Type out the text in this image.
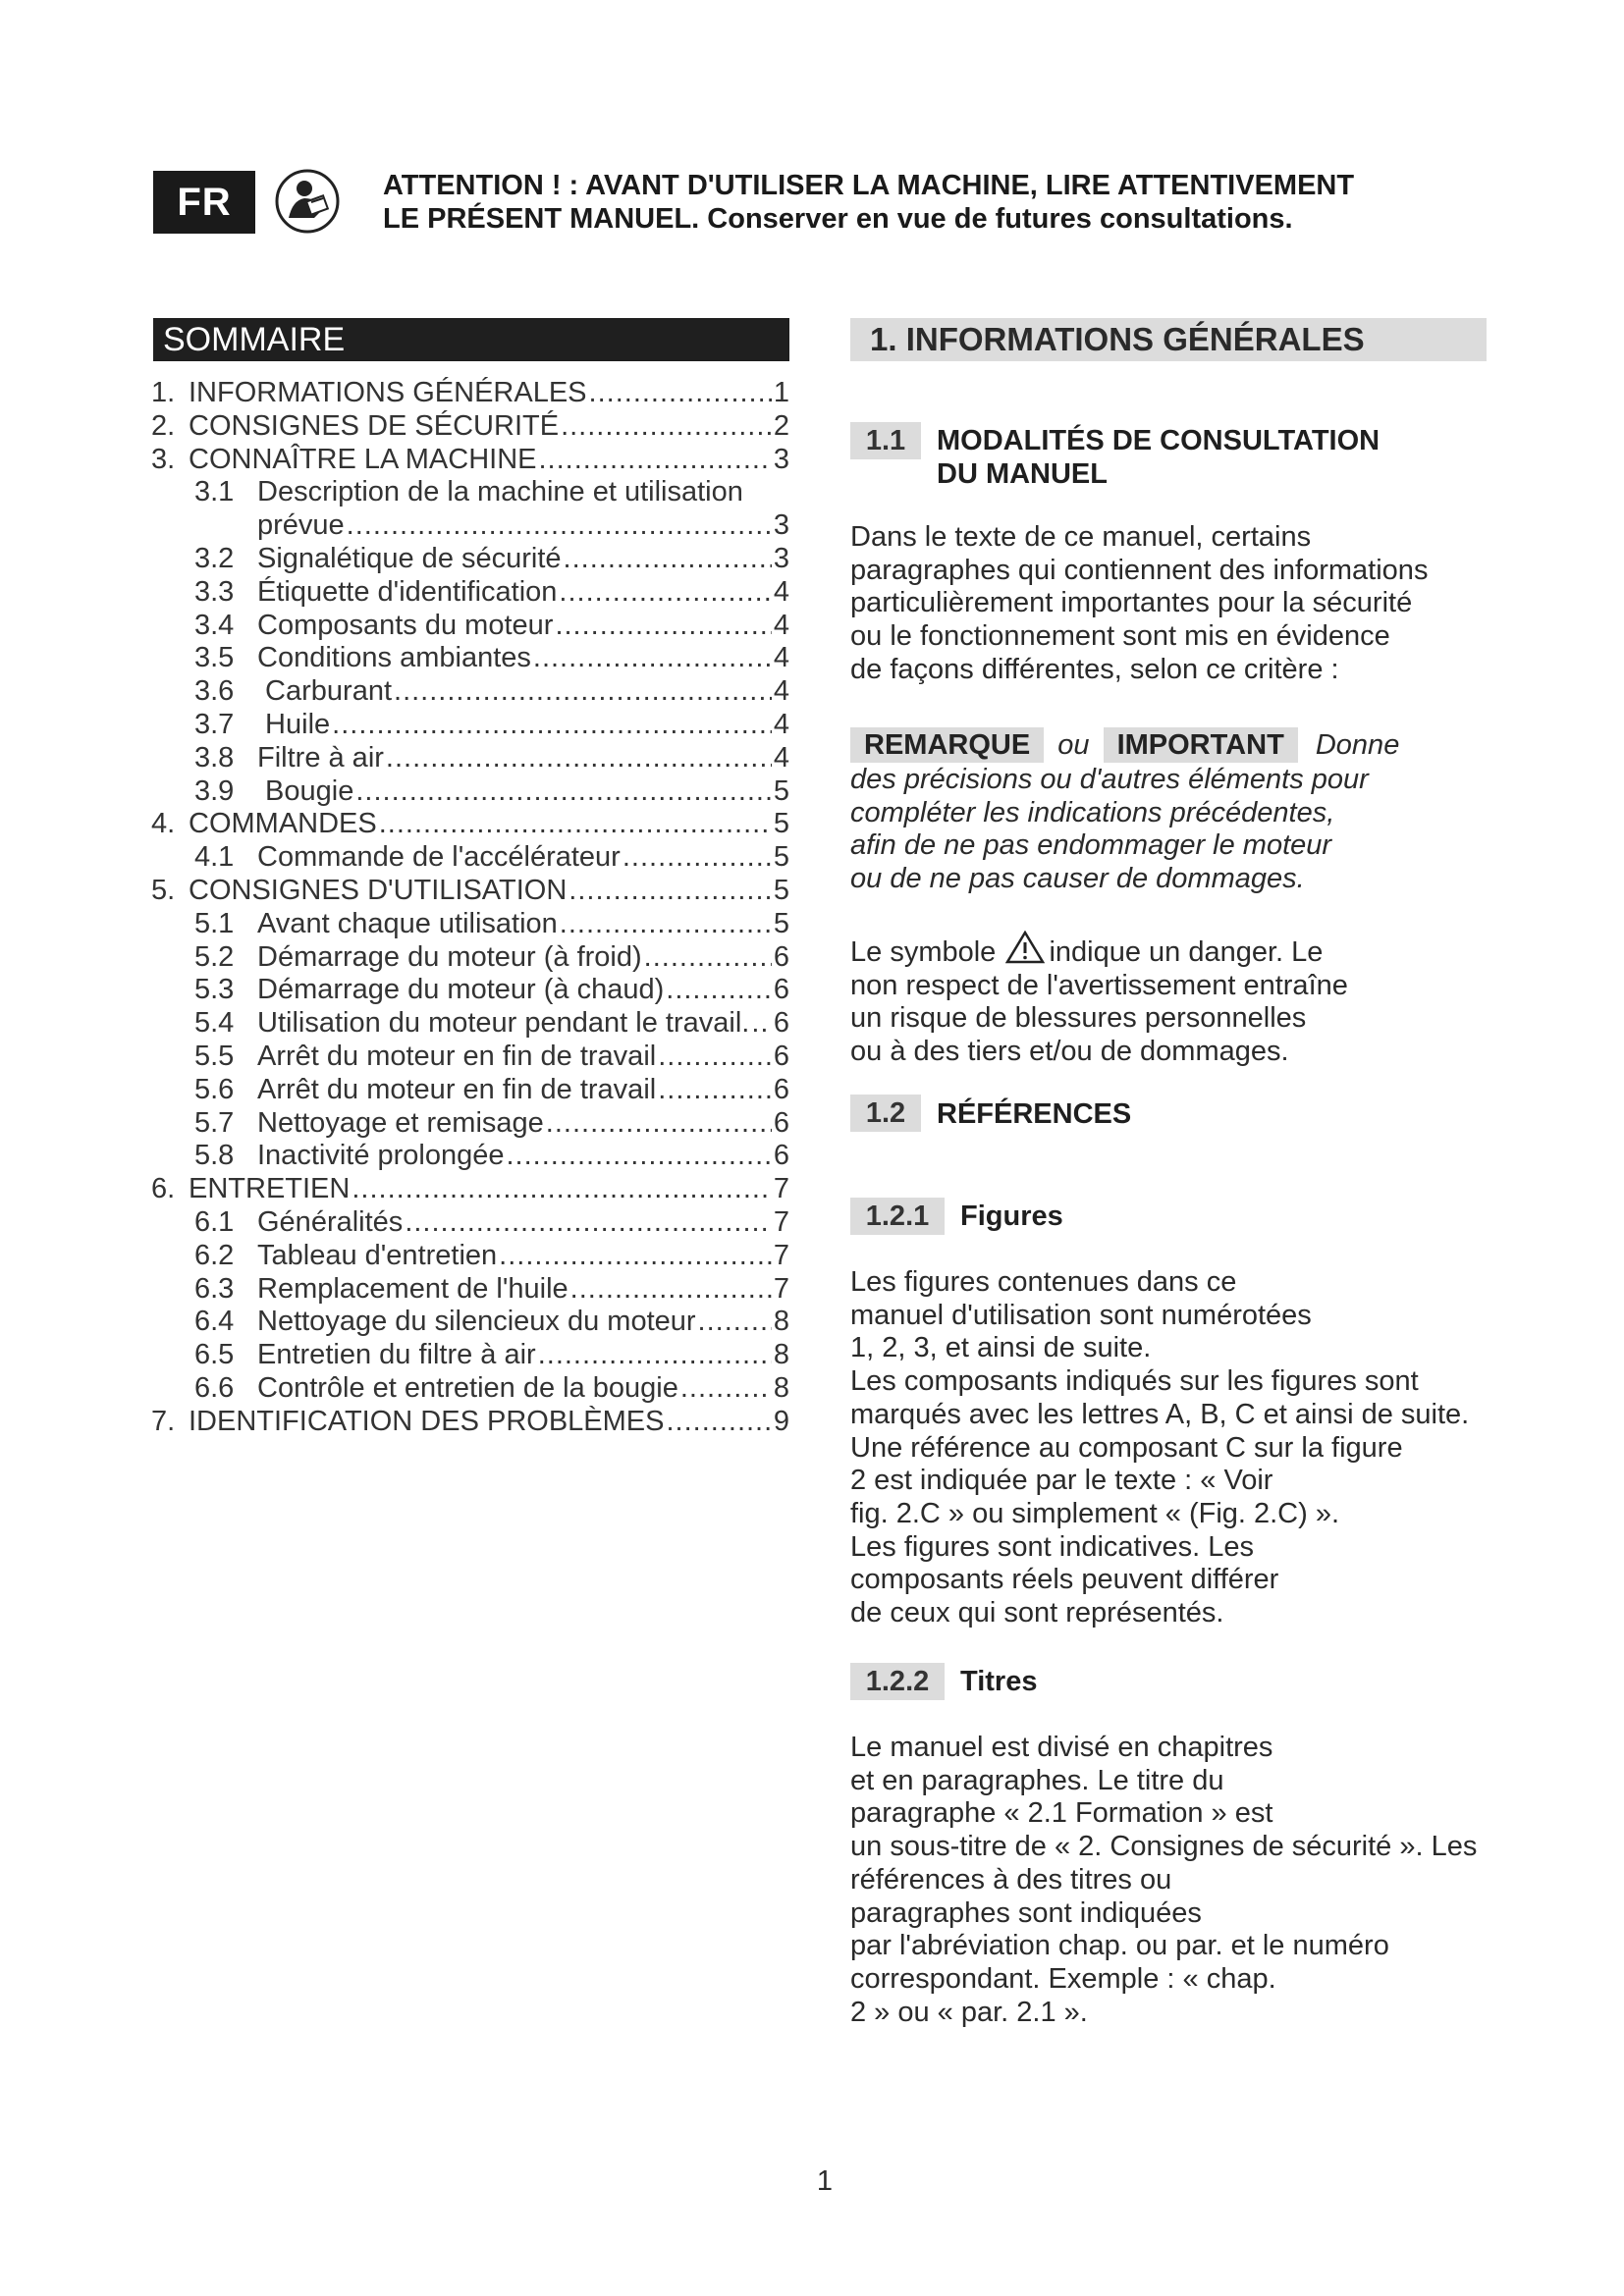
FR	ATTENTION ! : AVANT D'UTILISER LA MACHINE, LIRE ATTENTIVEMENT
LE PRÉSENT MANUEL. Conserver en vue de futures consultations.
SOMMAIRE
1. INFORMATIONS GÉNÉRALES .....	1
2. CONSIGNES DE SÉCURITÉ .....	2
3. CONNAÎTRE LA MACHINE .....	3
3.1 Description de la machine et utilisation
prévue .....	3
3.2 Signalétique de sécurité .....	3
3.3 Étiquette d'identification .....	4
3.4 Composants du moteur .....	4
3.5 Conditions ambiantes .....	4
3.6 Carburant .....	4
3.7 Huile .....	4
3.8 Filtre à air .....	4
3.9 Bougie .....	5
4. COMMANDES .....	5
4.1 Commande de l'accélérateur .....	5
5. CONSIGNES D'UTILISATION .....	5
5.1 Avant chaque utilisation .....	5
5.2 Démarrage du moteur (à froid) .....	6
5.3 Démarrage du moteur (à chaud) .....	6
5.4 Utilisation du moteur pendant le travail. ..... 6
5.5 Arrêt du moteur en fin de travail .....	6
5.6 Arrêt du moteur en fin de travail .....	6
5.7 Nettoyage et remisage .....	6
5.8 Inactivité prolongée .....	6
6. ENTRETIEN .....	7
6.1 Généralités .....	7
6.2 Tableau d'entretien .....	7
6.3 Remplacement de l'huile .....	7
6.4 Nettoyage du silencieux du moteur .....	8
6.5 Entretien du filtre à air .....	8
6.6 Contrôle et entretien de la bougie .....	8
7. IDENTIFICATION DES PROBLÈMES .....	9
1. INFORMATIONS GÉNÉRALES
1.1	MODALITÉS DE CONSULTATION
DU MANUEL
Dans le texte de ce manuel, certains
paragraphes qui contiennent des informations
particulièrement importantes pour la sécurité
ou le fonctionnement sont mis en évidence
de façons différentes, selon ce critère :
REMARQUE ou IMPORTANT Donne
des précisions ou d'autres éléments pour
compléter les indications précédentes,
afin de ne pas endommager le moteur
ou de ne pas causer de dommages.
Le symbole indique un danger. Le
non respect de l'avertissement entraîne
un risque de blessures personnelles
ou à des tiers et/ou de dommages.
1.2	RÉFÉRENCES
1.2.1	Figures
Les figures contenues dans ce
manuel d'utilisation sont numérotées
1, 2, 3, et ainsi de suite.
Les composants indiqués sur les figures sont
marqués avec les lettres A, B, C et ainsi de suite.
Une référence au composant C sur la figure
2 est indiquée par le texte : « Voir
fig. 2.C » ou simplement « (Fig. 2.C) ».
Les figures sont indicatives. Les
composants réels peuvent différer
de ceux qui sont représentés.
1.2.2	Titres
Le manuel est divisé en chapitres
et en paragraphes. Le titre du
paragraphe « 2.1 Formation » est
un sous-titre de « 2. Consignes de sécurité ». Les
références à des titres ou
paragraphes sont indiquées
par l'abréviation chap. ou par. et le numéro
correspondant. Exemple : « chap.
2 » ou « par. 2.1 ».
1
